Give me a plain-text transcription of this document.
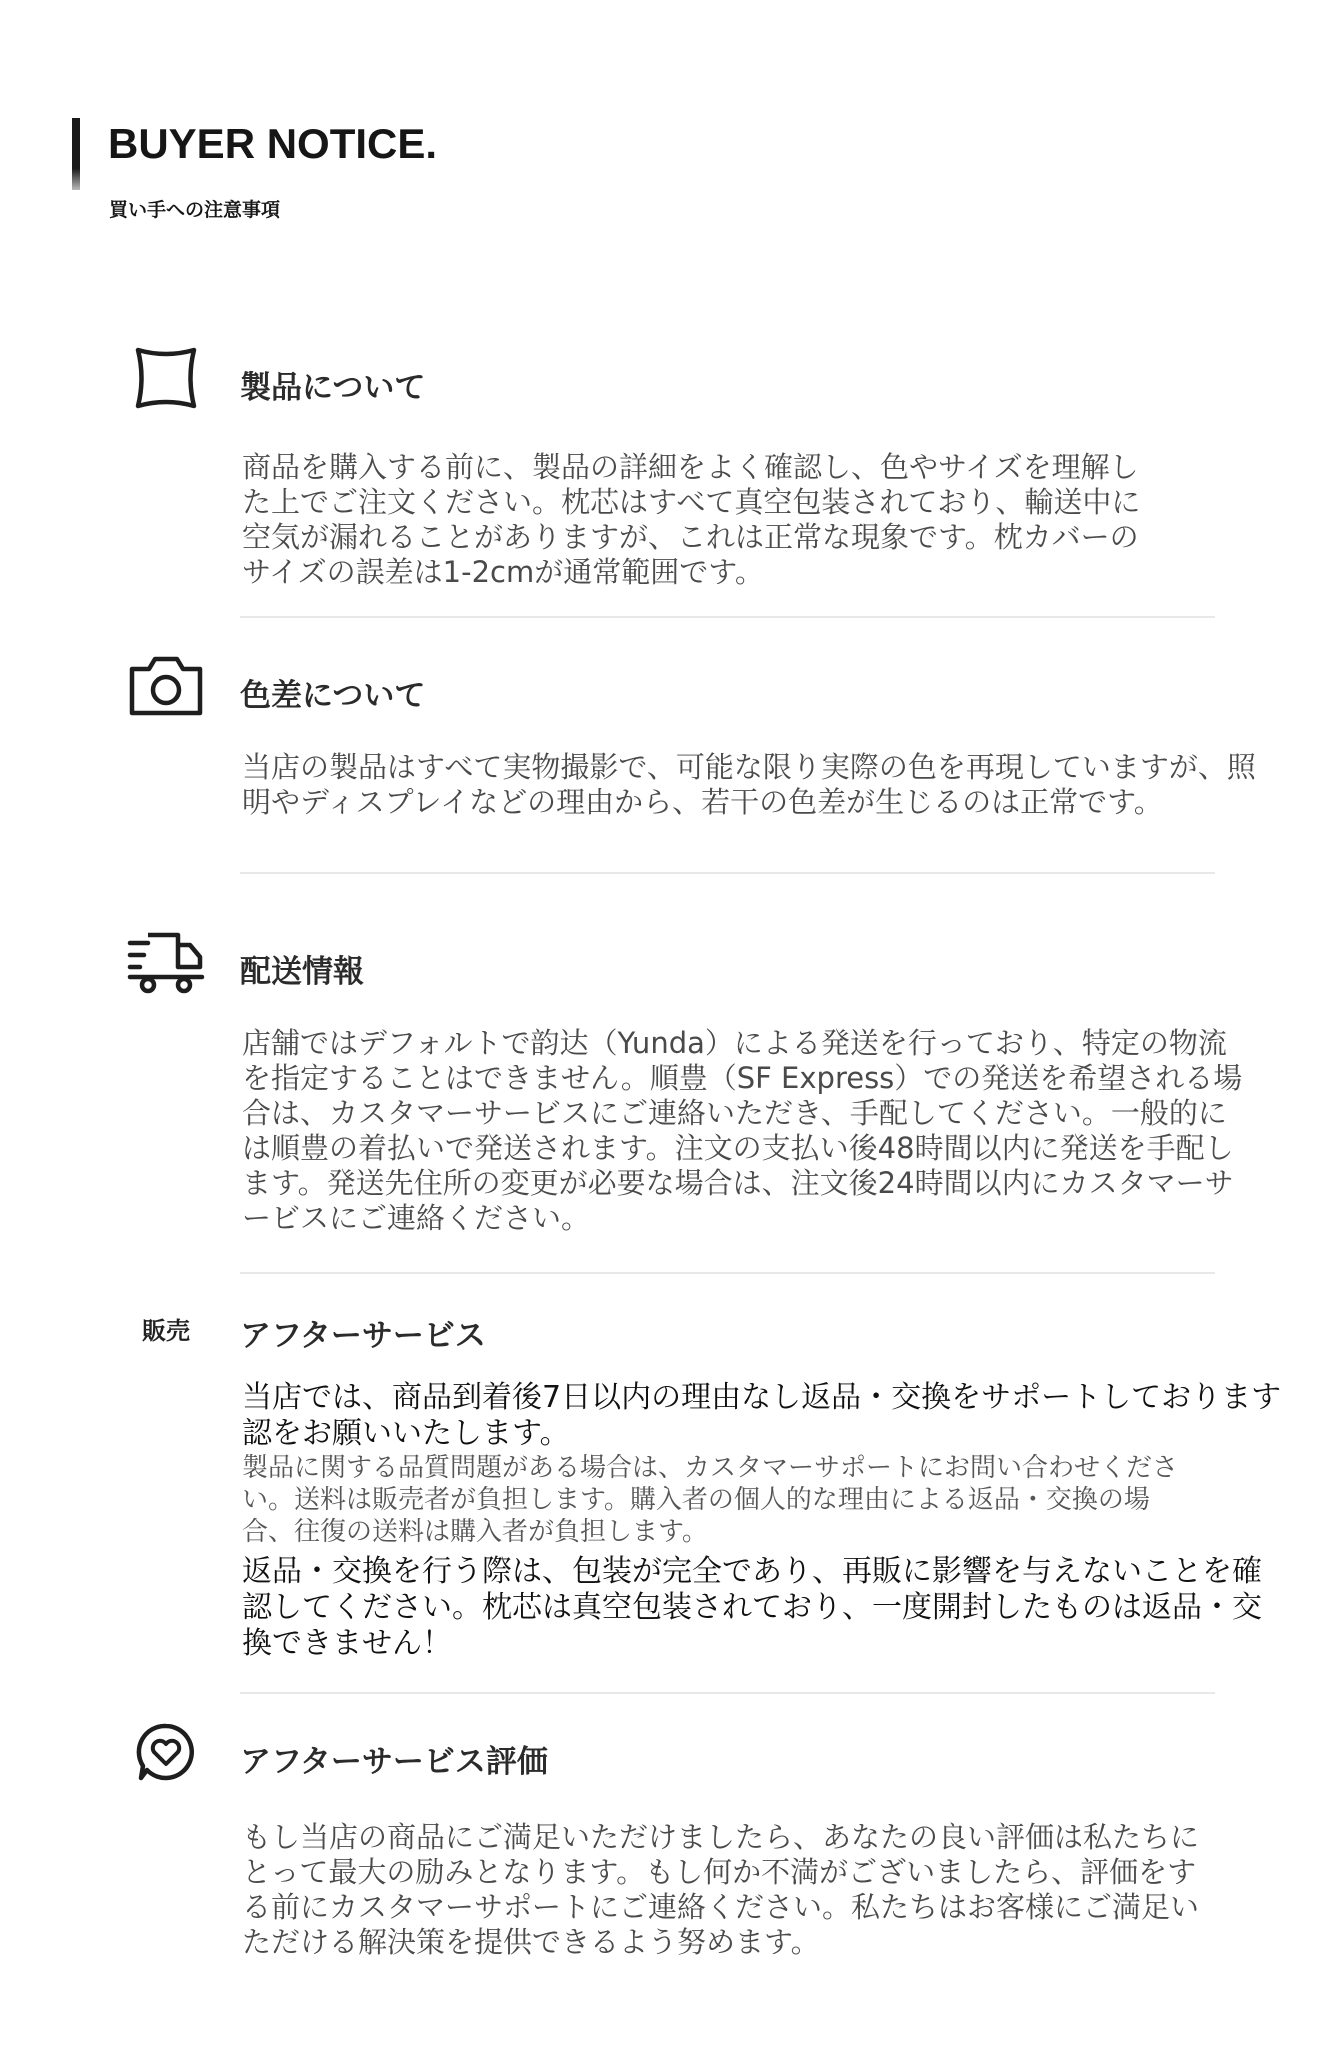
BUYER NOTICE.
買い手への注意事項
製品について
商品を購入する前に、製品の詳細をよく確認し、色やサイズを理解した上でご注文ください。枕芯はすべて真空包装されており、輸送中に空気が漏れることがありますが、これは正常な現象です。枕カバーのサイズの誤差は1-2cmが通常範囲です。
色差について
当店の製品はすべて実物撮影で、可能な限り実際の色を再現していますが、照明やディスプレイなどの理由から、若干の色差が生じるのは正常です。
配送情報
店舗ではデフォルトで韵达（Yunda）による発送を行っており、特定の物流を指定することはできません。順豊（SF Express）での発送を希望される場合は、カスタマーサービスにご連絡いただき、手配してください。一般的には順豊の着払いで発送されます。注文の支払い後48時間以内に発送を手配します。発送先住所の変更が必要な場合は、注文後24時間以内にカスタマーサービスにご連絡ください。
販売 アフターサービス
当店では、商品到着後7日以内の理由なし返品・交換をサポートしております
認をお願いいたします。
製品に関する品質問題がある場合は、カスタマーサポートにお問い合わせください。送料は販売者が負担します。購入者の個人的な理由による返品・交換の場合、往復の送料は購入者が負担します。
返品・交換を行う際は、包装が完全であり、再販に影響を与えないことを確認してください。枕芯は真空包装されており、一度開封したものは返品・交換できません！
アフターサービス評価
もし当店の商品にご満足いただけましたら、あなたの良い評価は私たちにとって最大の励みとなります。もし何か不満がございましたら、評価をする前にカスタマーサポートにご連絡ください。私たちはお客様にご満足いただける解決策を提供できるよう努めます。
